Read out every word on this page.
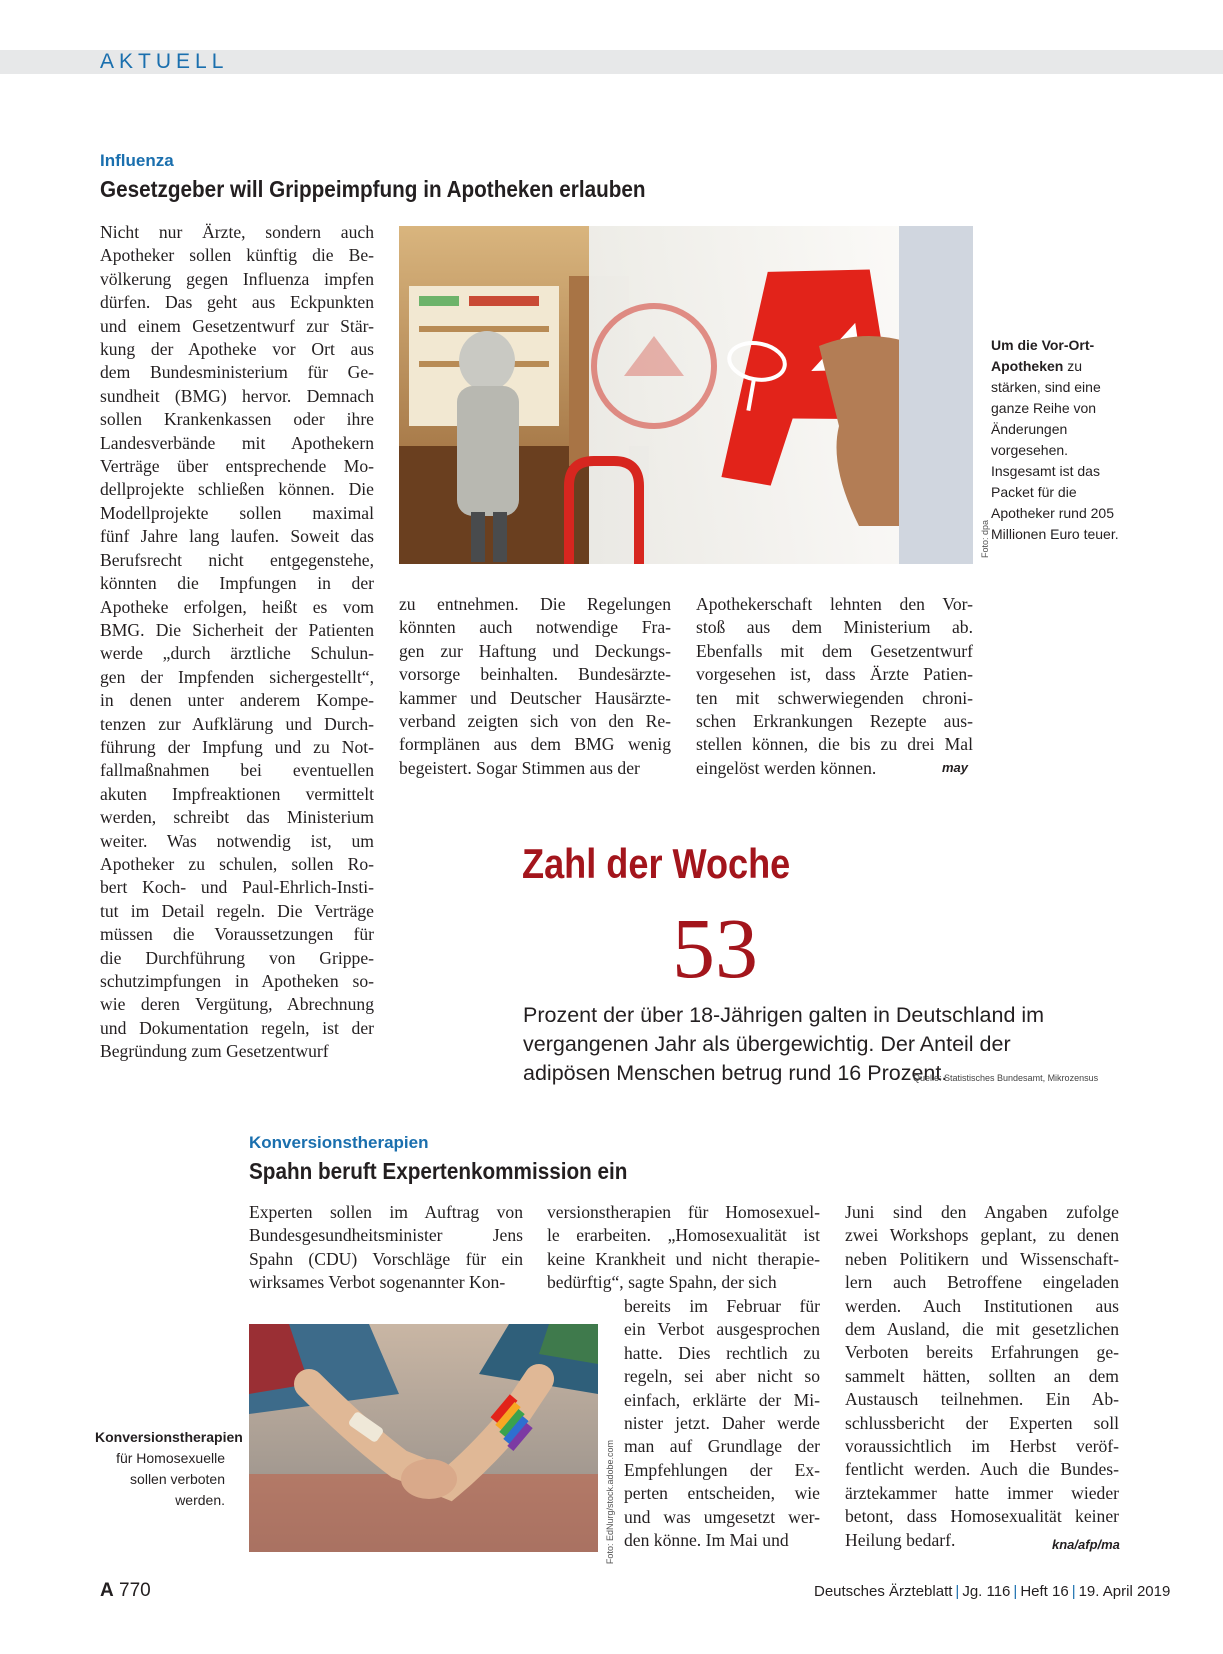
AKTUELL
Influenza
Gesetzgeber will Grippeimpfung in Apotheken erlauben
Nicht nur Ärzte, sondern auch
Apotheker sollen künftig die Be-
völkerung gegen Influenza impfen
dürfen. Das geht aus Eckpunkten
und einem Gesetzentwurf zur Stär-
kung der Apotheke vor Ort aus
dem Bundesministerium für Ge-
sundheit (BMG) hervor. Demnach
sollen Krankenkassen oder ihre
Landesverbände mit Apothekern
Verträge über entsprechende Mo-
dellprojekte schließen können. Die
Modellprojekte sollen maximal
fünf Jahre lang laufen. Soweit das
Berufsrecht nicht entgegenstehe,
könnten die Impfungen in der
Apotheke erfolgen, heißt es vom
BMG. Die Sicherheit der Patienten
werde „durch ärztliche Schulun-
gen der Impfenden sichergestellt“,
in denen unter anderem Kompe-
tenzen zur Aufklärung und Durch-
führung der Impfung und zu Not-
fallmaßnahmen bei eventuellen
akuten Impfreaktionen vermittelt
werden, schreibt das Ministerium
weiter. Was notwendig ist, um
Apotheker zu schulen, sollen Ro-
bert Koch- und Paul-Ehrlich-Insti-
tut im Detail regeln. Die Verträge
müssen die Voraussetzungen für
die Durchführung von Grippe-
schutzimpfungen in Apotheken so-
wie deren Vergütung, Abrechnung
und Dokumentation regeln, ist der
Begründung zum Gesetzentwurf
Foto: dpa
Um die Vor-Ort-Apotheken zu stärken, sind eine ganze Reihe von Änderungen vorgesehen. Insgesamt ist das Packet für die Apotheker rund 205 Millionen Euro teuer.
zu entnehmen. Die Regelungen
könnten auch notwendige Fra-
gen zur Haftung und Deckungs-
vorsorge beinhalten. Bundesärzte-
kammer und Deutscher Hausärzte-
verband zeigten sich von den Re-
formplänen aus dem BMG wenig
begeistert. Sogar Stimmen aus der
Apothekerschaft lehnten den Vor-
stoß aus dem Ministerium ab.
Ebenfalls mit dem Gesetzentwurf
vorgesehen ist, dass Ärzte Patien-
ten mit schwerwiegenden chroni-
schen Erkrankungen Rezepte aus-
stellen können, die bis zu drei Mal
eingelöst werden können.	may
Zahl der Woche
53
Prozent der über 18-Jährigen galten in Deutschland im vergangenen Jahr als übergewichtig. Der Anteil der adipösen Menschen betrug rund 16 Prozent.
Quelle: Statistisches Bundesamt, Mikrozensus
Konversionstherapien
Spahn beruft Expertenkommission ein
Experten sollen im Auftrag von
Bundesgesundheitsminister Jens
Spahn (CDU) Vorschläge für ein
wirksames Verbot sogenannter Kon-
versionstherapien für Homosexuel-
le erarbeiten. „Homosexualität ist
keine Krankheit und nicht therapie-
bedürftig“, sagte Spahn, der sich
bereits im Februar für
ein Verbot ausgesprochen
hatte. Dies rechtlich zu
regeln, sei aber nicht so
einfach, erklärte der Mi-
nister jetzt. Daher werde
man auf Grundlage der
Empfehlungen der Ex-
perten entscheiden, wie
und was umgesetzt wer-
den könne. Im Mai und
Juni sind den Angaben zufolge
zwei Workshops geplant, zu denen
neben Politikern und Wissenschaft-
lern auch Betroffene eingeladen
werden. Auch Institutionen aus
dem Ausland, die mit gesetzlichen
Verboten bereits Erfahrungen ge-
sammelt hätten, sollten an dem
Austausch teilnehmen. Ein Ab-
schlussbericht der Experten soll
voraussichtlich im Herbst veröf-
fentlicht werden. Auch die Bundes-
ärztekammer hatte immer wieder
betont, dass Homosexualität keiner
Heilung bedarf.	kna/afp/ma
Foto: EdNurg/stock.adobe.com
Konversionstherapien für Homosexuelle sollen verboten werden.
A 770	Deutsches Ärzteblatt | Jg. 116 | Heft 16 | 19. April 2019
